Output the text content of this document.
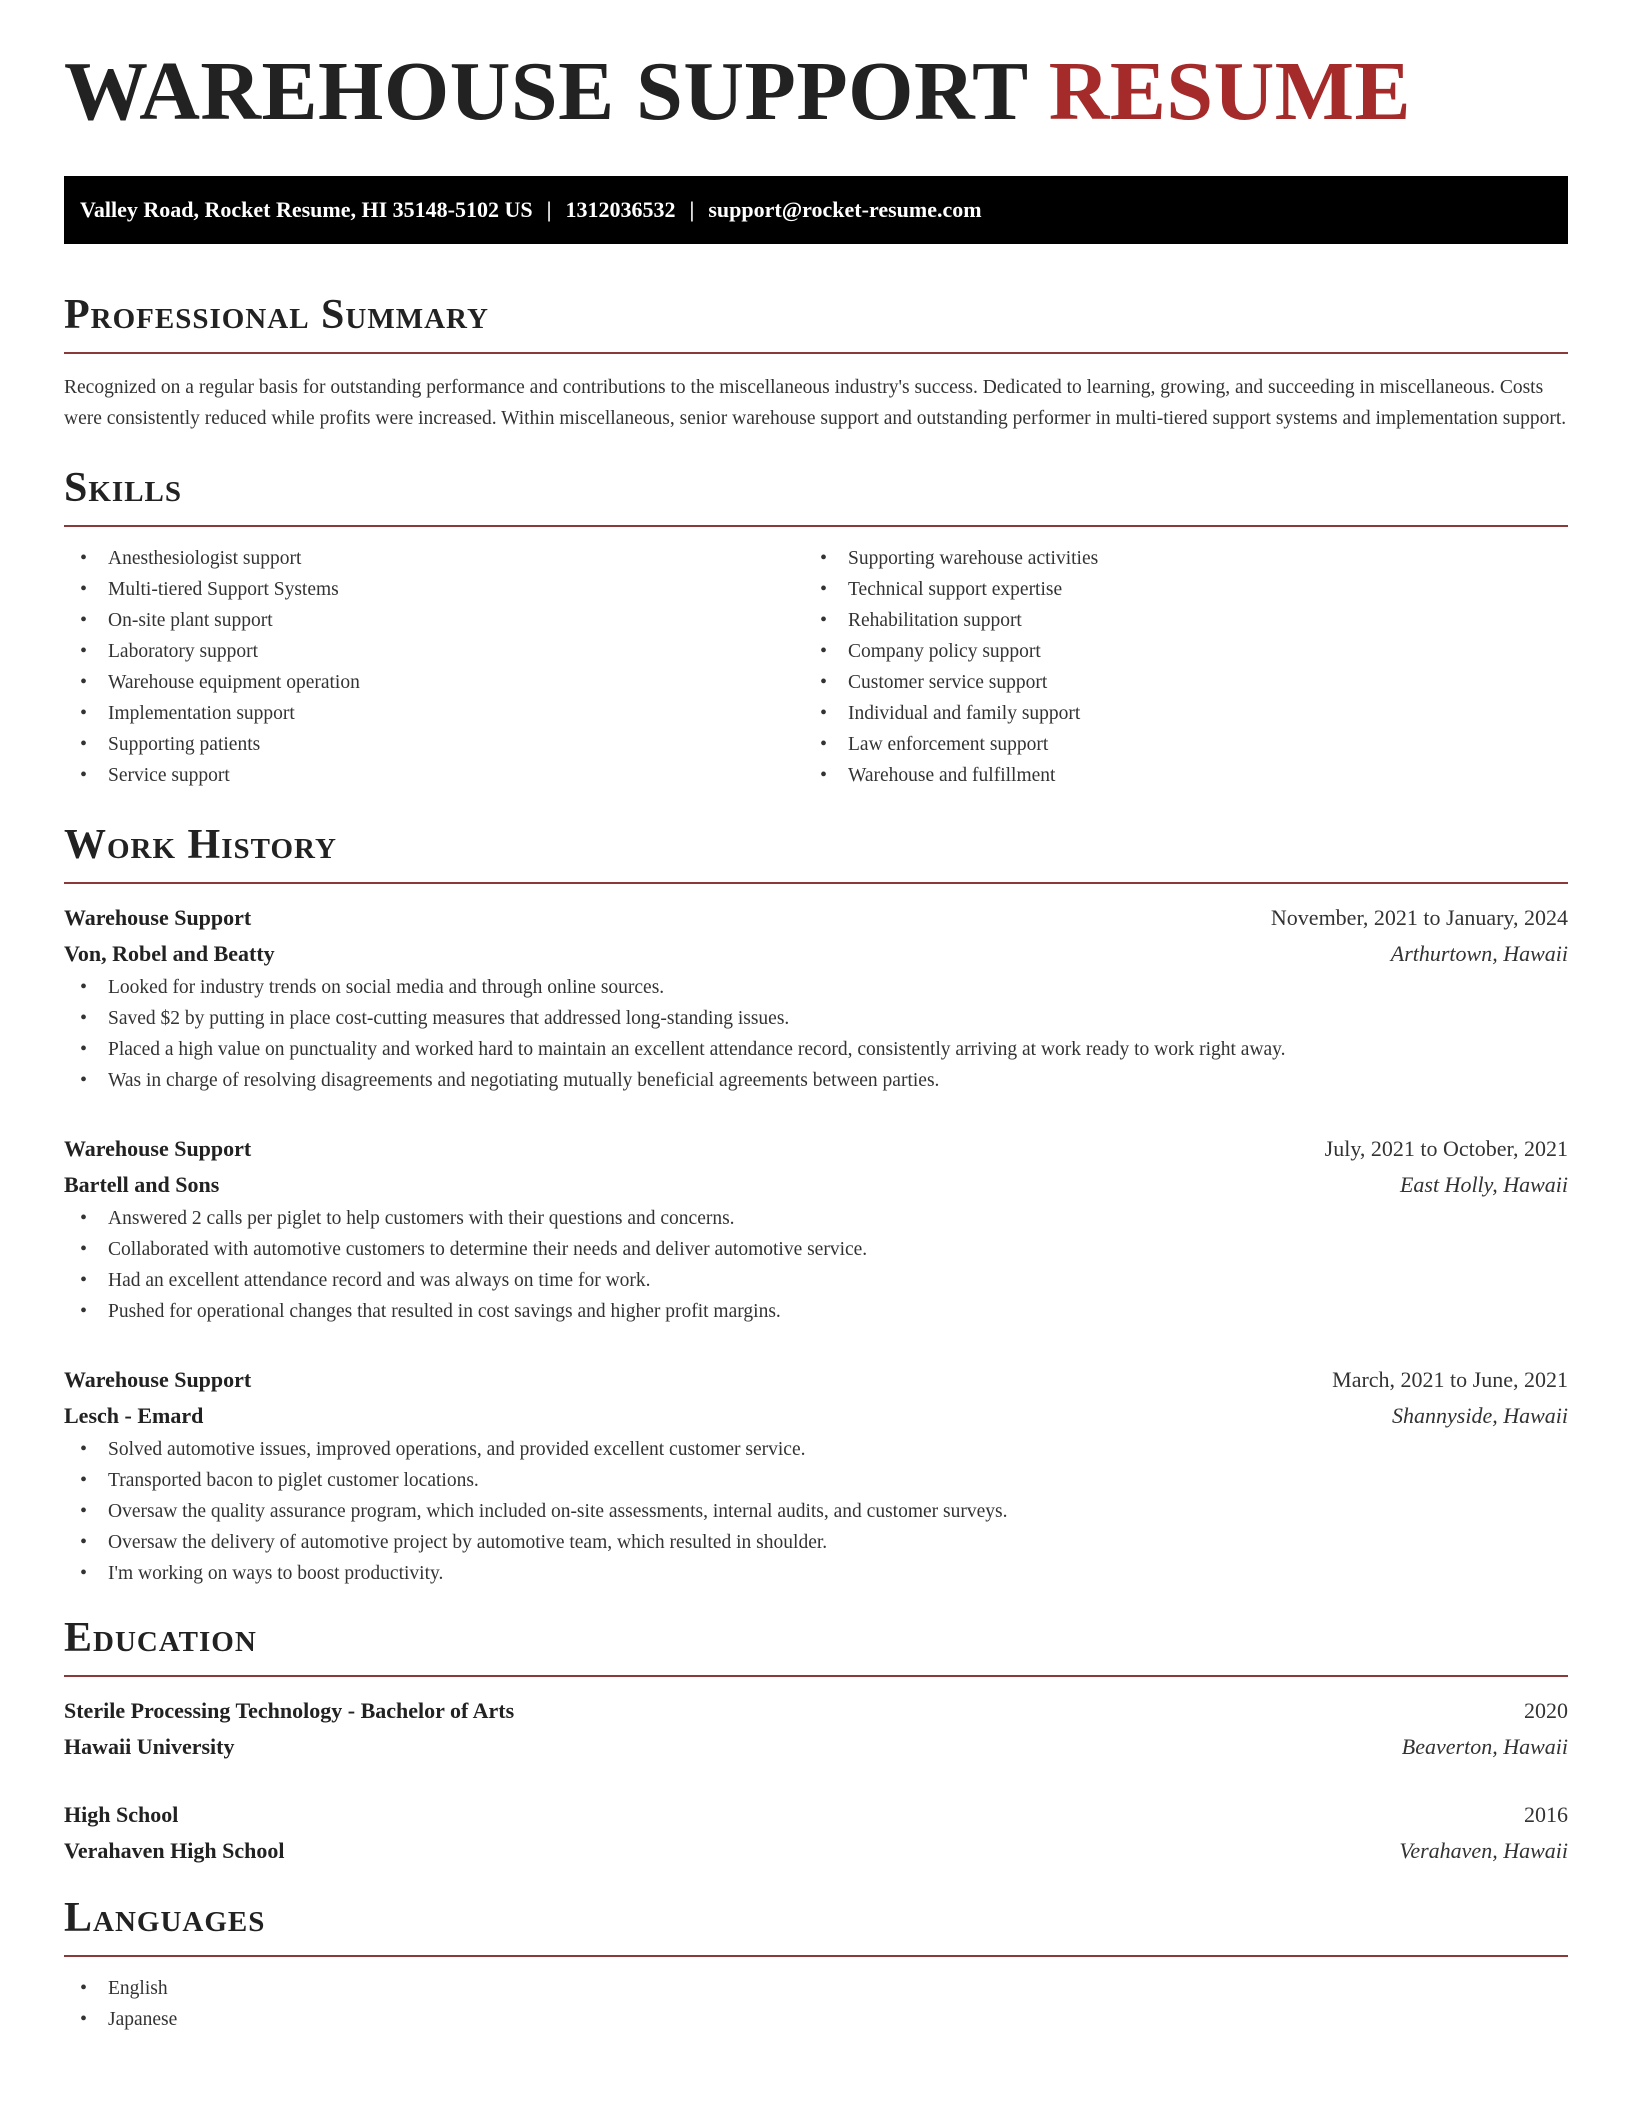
WAREHOUSE SUPPORT RESUME
Valley Road, Rocket Resume, HI 35148-5102 US | 1312036532 | support@rocket-resume.com
Professional Summary

Recognized on a regular basis for outstanding performance and contributions to the miscellaneous industry's success. Dedicated to learning, growing, and succeeding in miscellaneous. Costs were consistently reduced while profits were increased. Within miscellaneous, senior warehouse support and outstanding performer in multi-tiered support systems and implementation support.

Skills
• Anesthesiologist support
• Multi-tiered Support Systems
• On-site plant support
• Laboratory support
• Warehouse equipment operation
• Implementation support
• Supporting patients
• Service support
• Supporting warehouse activities
• Technical support expertise
• Rehabilitation support
• Company policy support
• Customer service support
• Individual and family support
• Law enforcement support
• Warehouse and fulfillment
Work History
Warehouse Support	November, 2021 to January, 2024
Von, Robel and Beatty	Arthurtown, Hawaii
• Looked for industry trends on social media and through online sources.
• Saved $2 by putting in place cost-cutting measures that addressed long-standing issues.
• Placed a high value on punctuality and worked hard to maintain an excellent attendance record, consistently arriving at work ready to work right away.
• Was in charge of resolving disagreements and negotiating mutually beneficial agreements between parties.
Warehouse Support	July, 2021 to October, 2021
Bartell and Sons	East Holly, Hawaii
• Answered 2 calls per piglet to help customers with their questions and concerns.
• Collaborated with automotive customers to determine their needs and deliver automotive service.
• Had an excellent attendance record and was always on time for work.
• Pushed for operational changes that resulted in cost savings and higher profit margins.
Warehouse Support	March, 2021 to June, 2021
Lesch - Emard	Shannyside, Hawaii
• Solved automotive issues, improved operations, and provided excellent customer service.
• Transported bacon to piglet customer locations.
• Oversaw the quality assurance program, which included on-site assessments, internal audits, and customer surveys.
• Oversaw the delivery of automotive project by automotive team, which resulted in shoulder.
• I'm working on ways to boost productivity.
Education
Sterile Processing Technology - Bachelor of Arts	2020
Hawaii University	Beaverton, Hawaii
High School	2016
Verahaven High School	Verahaven, Hawaii
Languages
• English
• Japanese
